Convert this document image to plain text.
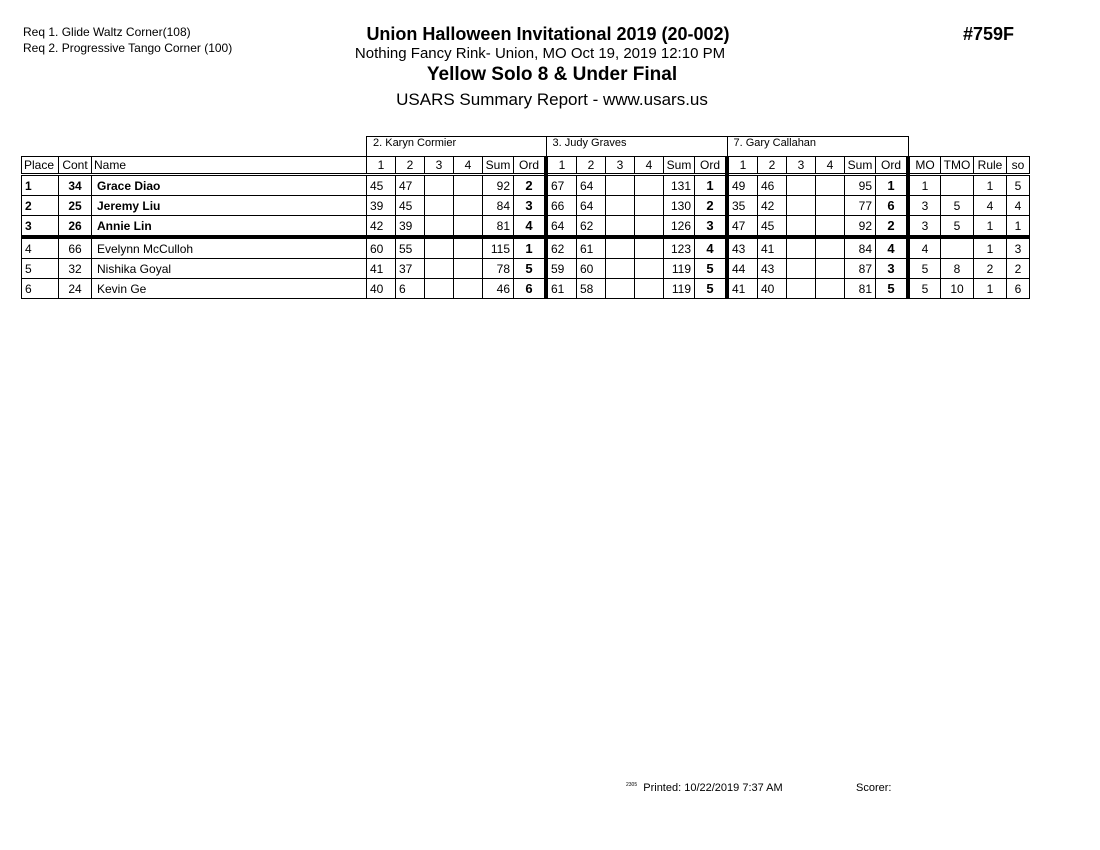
Req 1. Glide Waltz Corner(108)
Req 2. Progressive Tango Corner (100)
Union Halloween Invitational 2019 (20-002)
Nothing Fancy Rink- Union, MO Oct 19, 2019 12:10 PM
Yellow Solo 8 & Under Final
USARS Summary Report - www.usars.us
#759F
			2. Karyn Cormier						3. Judy Graves						7. Gary Callahan									
Place	Cont	Name	1	2	3	4	Sum	Ord	1	2	3	4	Sum	Ord	1	2	3	4	Sum	Ord	MO	TMO	Rule	so
1	34	Grace Diao	45	47			92	2	67	64			131	1	49	46			95	1	1		1	5
2	25	Jeremy Liu	39	45			84	3	66	64			130	2	35	42			77	6	3	5	4	4
3	26	Annie Lin	42	39			81	4	64	62			126	3	47	45			92	2	3	5	1	1
4	66	Evelynn McCulloh	60	55			115	1	62	61			123	4	43	41			84	4	4		1	3
5	32	Nishika Goyal	41	37			78	5	59	60			119	5	44	43			87	3	5	8	2	2
6	24	Kevin Ge	40	6			46	6	61	58			119	5	41	40			81	5	5	10	1	6
$^{2305}$ Printed: 10/22/2019 7:37 AM	Scorer:
